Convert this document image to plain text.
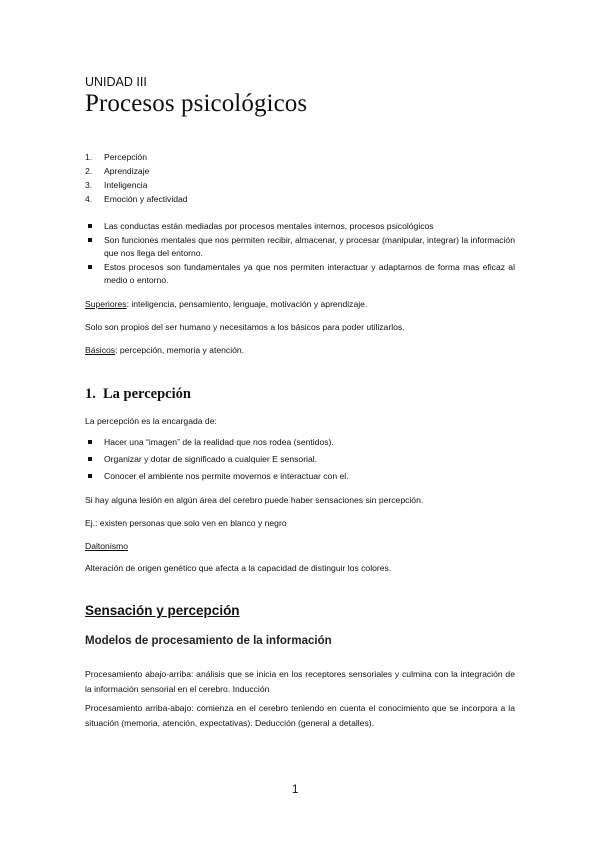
UNIDAD III

Procesos psicológicos
1. Percepción
2. Aprendizaje
3. Inteligencia
4. Emoción y afectividad
Las conductas están mediadas por procesos mentales internos, procesos psicológicos
Son funciones mentales que nos permiten recibir, almacenar, y procesar (manipular, integrar) la información que nos llega del entorno.
Estos procesos son fundamentales ya que nos permiten interactuar y adaptarnos de forma mas eficaz al medio o entorno.

Superiores: inteligencia, pensamiento, lenguaje, motivación y aprendizaje.

Solo son propios del ser humano y necesitamos a los básicos para poder utilizarlos.

Básicos: percepción, memoria y atención.

1. La percepción

La percepción es la encargada de:

Hacer una “imagen” de la realidad que nos rodea (sentidos).
Organizar y dotar de significado a cualquier E sensorial.
Conocer el ambiente nos permite movernos e interactuar con el.

Si hay alguna lesión en algún área del cerebro puede haber sensaciones sin percepción.

Ej.: existen personas que solo ven en blanco y negro

Daltonismo

Alteración de origen genético que afecta a la capacidad de distinguir los colores.

Sensación y percepción
Modelos de procesamiento de la información

Procesamiento abajo-arriba: análisis que se inicia en los receptores sensoriales y culmina con la integración de la información sensorial en el cerebro. Inducción

Procesamiento arriba-abajo: comienza en el cerebro teniendo en cuenta el conocimiento que se incorpora a la situación (memoria, atención, expectativas). Deducción (general a detalles).

1
